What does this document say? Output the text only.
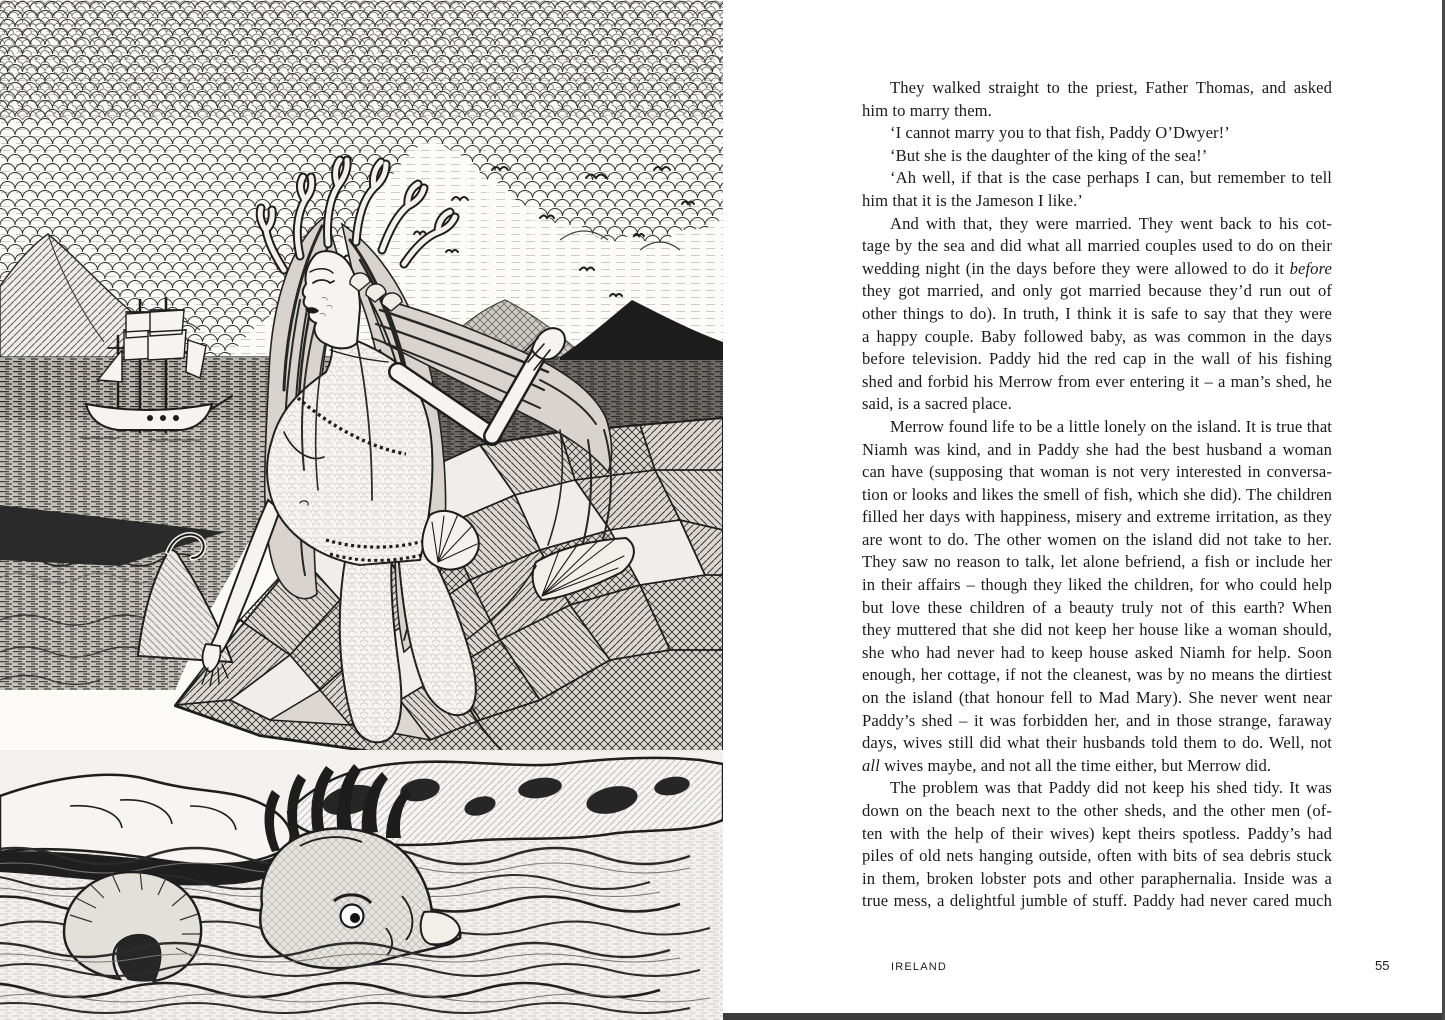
They walked straight to the priest, Father Thomas, and asked
him to marry them.
‘I cannot marry you to that fish, Paddy O’Dwyer!’
‘But she is the daughter of the king of the sea!’
‘Ah well, if that is the case perhaps I can, but remember to tell
him that it is the Jameson I like.’
And with that, they were married. They went back to his cot-
tage by the sea and did what all married couples used to do on their
wedding night (in the days before they were allowed to do it before
they got married, and only got married because they’d run out of
other things to do). In truth, I think it is safe to say that they were
a happy couple. Baby followed baby, as was common in the days
before television. Paddy hid the red cap in the wall of his fishing
shed and forbid his Merrow from ever entering it – a man’s shed, he
said, is a sacred place.
Merrow found life to be a little lonely on the island. It is true that
Niamh was kind, and in Paddy she had the best husband a woman
can have (supposing that woman is not very interested in conversa-
tion or looks and likes the smell of fish, which she did). The children
filled her days with happiness, misery and extreme irritation, as they
are wont to do. The other women on the island did not take to her.
They saw no reason to talk, let alone befriend, a fish or include her
in their affairs – though they liked the children, for who could help
but love these children of a beauty truly not of this earth? When
they muttered that she did not keep her house like a woman should,
she who had never had to keep house asked Niamh for help. Soon
enough, her cottage, if not the cleanest, was by no means the dirtiest
on the island (that honour fell to Mad Mary). She never went near
Paddy’s shed – it was forbidden her, and in those strange, faraway
days, wives still did what their husbands told them to do. Well, not
all wives maybe, and not all the time either, but Merrow did.
The problem was that Paddy did not keep his shed tidy. It was
down on the beach next to the other sheds, and the other men (of-
ten with the help of their wives) kept theirs spotless. Paddy’s had
piles of old nets hanging outside, often with bits of sea debris stuck
in them, broken lobster pots and other paraphernalia. Inside was a
true mess, a delightful jumble of stuff. Paddy had never cared much
IRELAND	55
